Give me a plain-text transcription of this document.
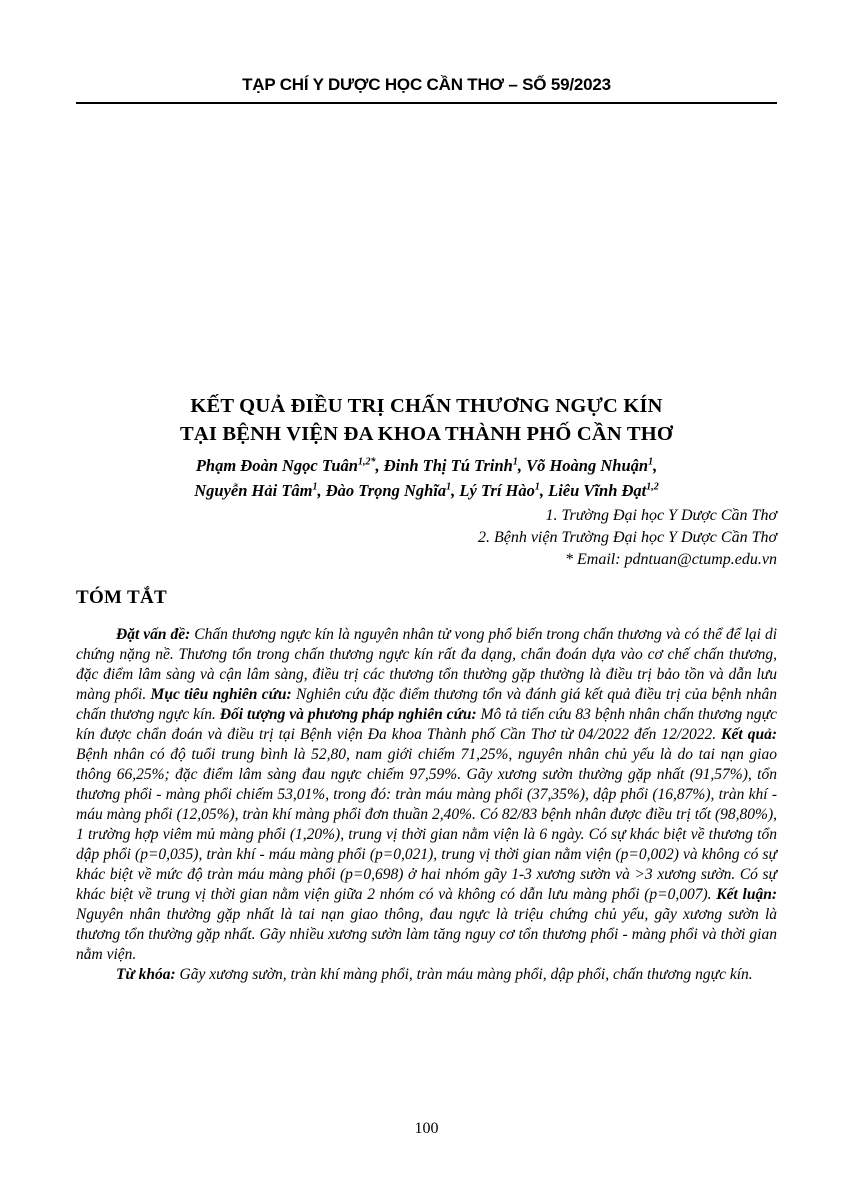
TẠP CHÍ Y DƯỢC HỌC CẦN THƠ – SỐ 59/2023
KẾT QUẢ ĐIỀU TRỊ CHẤN THƯƠNG NGỰC KÍN
TẠI BỆNH VIỆN ĐA KHOA THÀNH PHỐ CẦN THƠ
Phạm Đoàn Ngọc Tuân$^{1,2*}$, Đinh Thị Tú Trinh$^1$, Võ Hoàng Nhuận$^1$,
Nguyễn Hải Tâm$^1$, Đào Trọng Nghĩa$^1$, Lý Trí Hào$^1$, Liêu Vĩnh Đạt$^{1,2}$
1. Trường Đại học Y Dược Cần Thơ
2. Bệnh viện Trường Đại học Y Dược Cần Thơ
* Email: pdntuan@ctump.edu.vn
TÓM TẮT

Đặt vấn đề: Chấn thương ngực kín là nguyên nhân tử vong phổ biến trong chấn thương và có thể để lại di chứng nặng nề. Thương tổn trong chấn thương ngực kín rất đa dạng, chẩn đoán dựa vào cơ chế chấn thương, đặc điểm lâm sàng và cận lâm sàng, điều trị các thương tổn thường gặp thường là điều trị bảo tồn và dẫn lưu màng phổi. Mục tiêu nghiên cứu: Nghiên cứu đặc điểm thương tổn và đánh giá kết quả điều trị của bệnh nhân chấn thương ngực kín. Đối tượng và phương pháp nghiên cứu: Mô tả tiến cứu 83 bệnh nhân chấn thương ngực kín được chẩn đoán và điều trị tại Bệnh viện Đa khoa Thành phố Cần Thơ từ 04/2022 đến 12/2022. Kết quả: Bệnh nhân có độ tuổi trung bình là 52,80, nam giới chiếm 71,25%, nguyên nhân chủ yếu là do tai nạn giao thông 66,25%; đặc điểm lâm sàng đau ngực chiếm 97,59%. Gãy xương sườn thường gặp nhất (91,57%), tổn thương phổi - màng phổi chiếm 53,01%, trong đó: tràn máu màng phổi (37,35%), dập phổi (16,87%), tràn khí - máu màng phổi (12,05%), tràn khí màng phổi đơn thuần 2,40%. Có 82/83 bệnh nhân được điều trị tốt (98,80%), 1 trường hợp viêm mủ màng phổi (1,20%), trung vị thời gian nằm viện là 6 ngày. Có sự khác biệt về thương tổn dập phổi (p=0,035), tràn khí - máu màng phổi (p=0,021), trung vị thời gian nằm viện (p=0,002) và không có sự khác biệt về mức độ tràn máu màng phổi (p=0,698) ở hai nhóm gãy 1-3 xương sườn và >3 xương sườn. Có sự khác biệt về trung vị thời gian nằm viện giữa 2 nhóm có và không có dẫn lưu màng phổi (p=0,007). Kết luận: Nguyên nhân thường gặp nhất là tai nạn giao thông, đau ngực là triệu chứng chủ yếu, gãy xương sườn là thương tổn thường gặp nhất. Gãy nhiều xương sườn làm tăng nguy cơ tổn thương phổi - màng phổi và thời gian nằm viện.

Từ khóa: Gãy xương sườn, tràn khí màng phổi, tràn máu màng phổi, dập phổi, chấn thương ngực kín.

100
